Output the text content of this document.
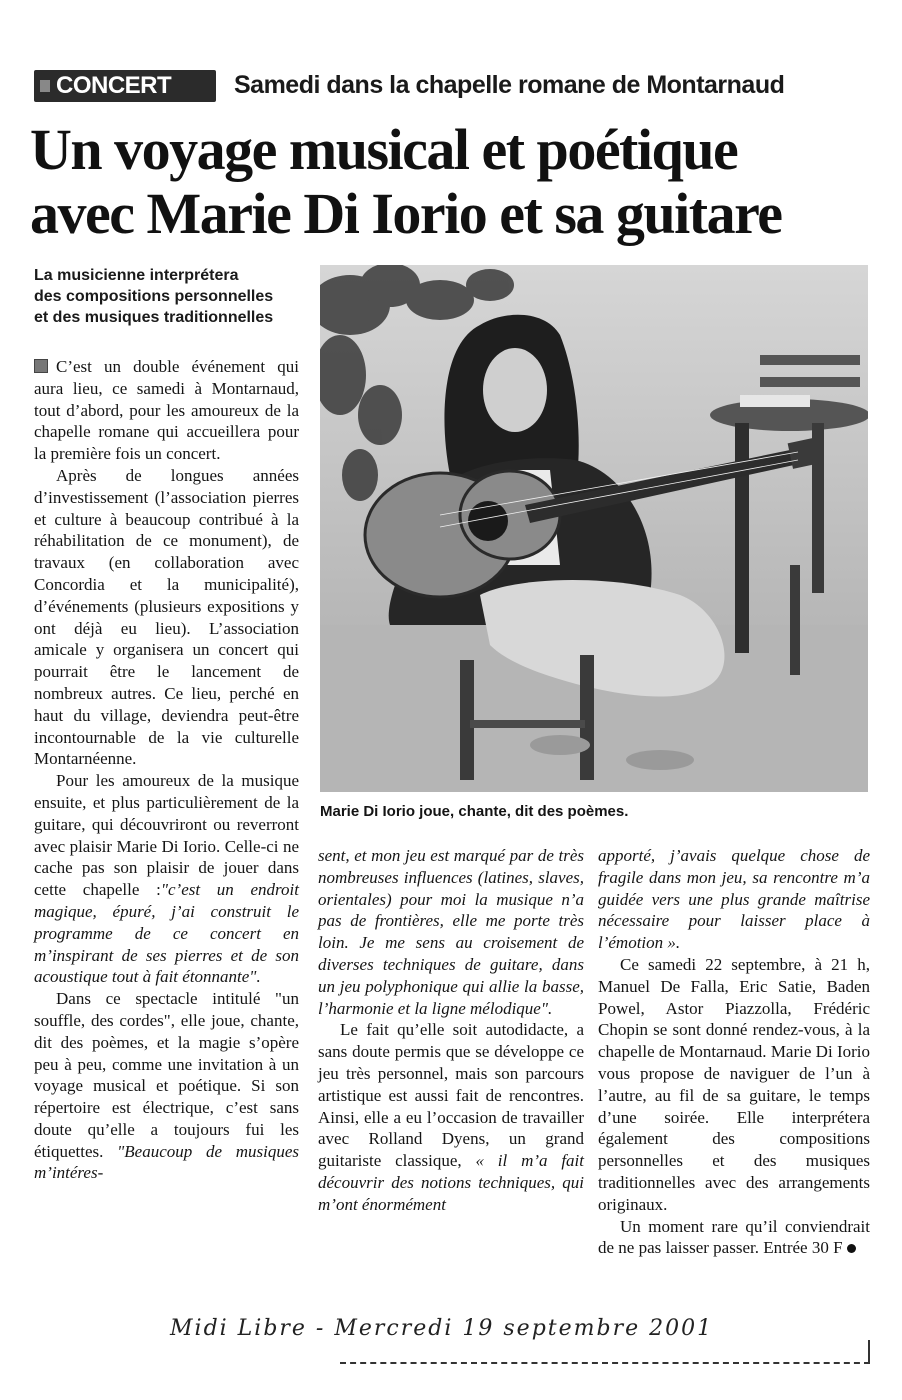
CONCERT	Samedi dans la chapelle romane de Montarnaud
Un voyage musical et poétique
avec Marie Di Iorio et sa guitare
La musicienne interprétera
des compositions personnelles
et des musiques traditionnelles
Marie Di Iorio joue, chante, dit des poèmes.

C’est un double événement qui aura lieu, ce samedi à Montarnaud, tout d’abord, pour les amoureux de la chapelle romane qui accueillera pour la première fois un concert.

Après de longues années d’investissement (l’association pierres et culture à beaucoup contribué à la réhabilitation de ce monument), de travaux (en collaboration avec Concordia et la municipalité), d’événements (plusieurs expositions y ont déjà eu lieu). L’association amicale y organisera un concert qui pourrait être le lancement de nombreux autres. Ce lieu, perché en haut du village, deviendra peut-être incontournable de la vie culturelle Montarnéenne.

Pour les amoureux de la musique ensuite, et plus particulièrement de la guitare, qui découvriront ou reverront avec plaisir Marie Di Iorio. Celle-ci ne cache pas son plaisir de jouer dans cette chapelle :"c’est un endroit magique, épuré, j’ai construit le programme de ce concert en m’inspirant de ses pierres et de son acoustique tout à fait étonnante".

Dans ce spectacle intitulé "un souffle, des cordes", elle joue, chante, dit des poèmes, et la magie s’opère peu à peu, comme une invitation à un voyage musical et poétique. Si son répertoire est électrique, c’est sans doute qu’elle a toujours fui les étiquettes. "Beaucoup de musiques m’intéres-

sent, et mon jeu est marqué par de très nombreuses influences (latines, slaves, orientales) pour moi la musique n’a pas de frontières, elle me porte très loin. Je me sens au croisement de diverses techniques de guitare, dans un jeu polyphonique qui allie la basse, l’harmonie et la ligne mélodique".

Le fait qu’elle soit autodidacte, a sans doute permis que se développe ce jeu très personnel, mais son parcours artistique est aussi fait de rencontres. Ainsi, elle a eu l’occasion de travailler avec Rolland Dyens, un grand guitariste classique, « il m’a fait découvrir des notions techniques, qui m’ont énormément

apporté, j’avais quelque chose de fragile dans mon jeu, sa rencontre m’a guidée vers une plus grande maîtrise nécessaire pour laisser place à l’émotion ».

Ce samedi 22 septembre, à 21 h, Manuel De Falla, Eric Satie, Baden Powel, Astor Piazzolla, Frédéric Chopin se sont donné rendez-vous, à la chapelle de Montarnaud. Marie Di Iorio vous propose de naviguer de l’un à l’autre, au fil de sa guitare, le temps d’une soirée. Elle interprétera également des compositions personnelles et des musiques traditionnelles avec des arrangements originaux.

Un moment rare qu’il conviendrait de ne pas laisser passer. Entrée 30 F

Midi Libre - Mercredi 19 septembre 2001
